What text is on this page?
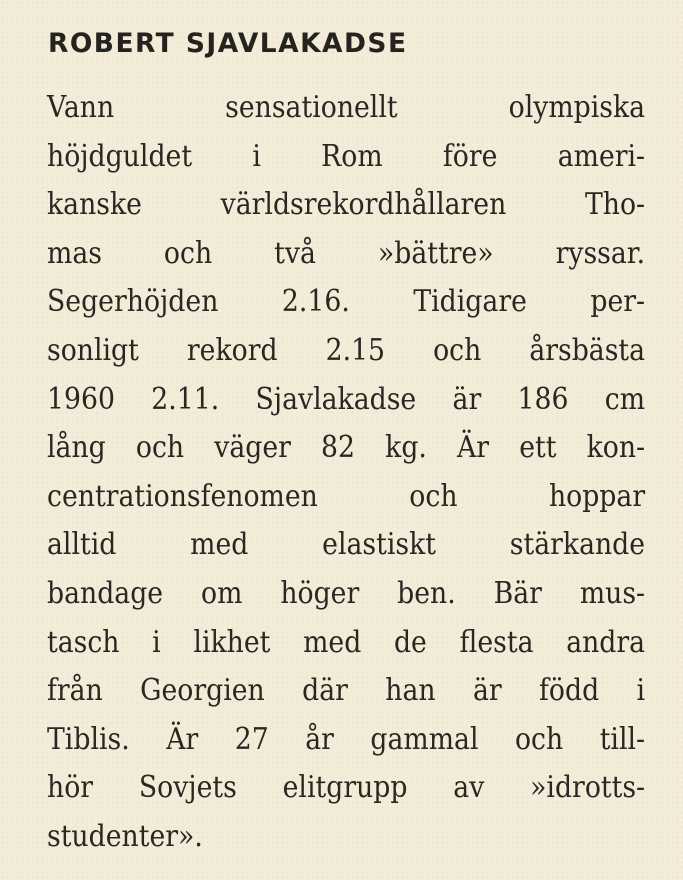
ROBERT SJAVLAKADSE
Vann sensationellt olympiska
höjdguldet i Rom före ameri-
kanske världsrekordhållaren Tho-
mas och två »bättre» ryssar.
Segerhöjden 2.16. Tidigare per-
sonligt rekord 2.15 och årsbästa
1960 2.11. Sjavlakadse är 186 cm
lång och väger 82 kg. Är ett kon-
centrationsfenomen och hoppar
alltid med elastiskt stärkande
bandage om höger ben. Bär mus-
tasch i likhet med de flesta andra
från Georgien där han är född i
Tiblis. Är 27 år gammal och till-
hör Sovjets elitgrupp av »idrotts-
studenter».
